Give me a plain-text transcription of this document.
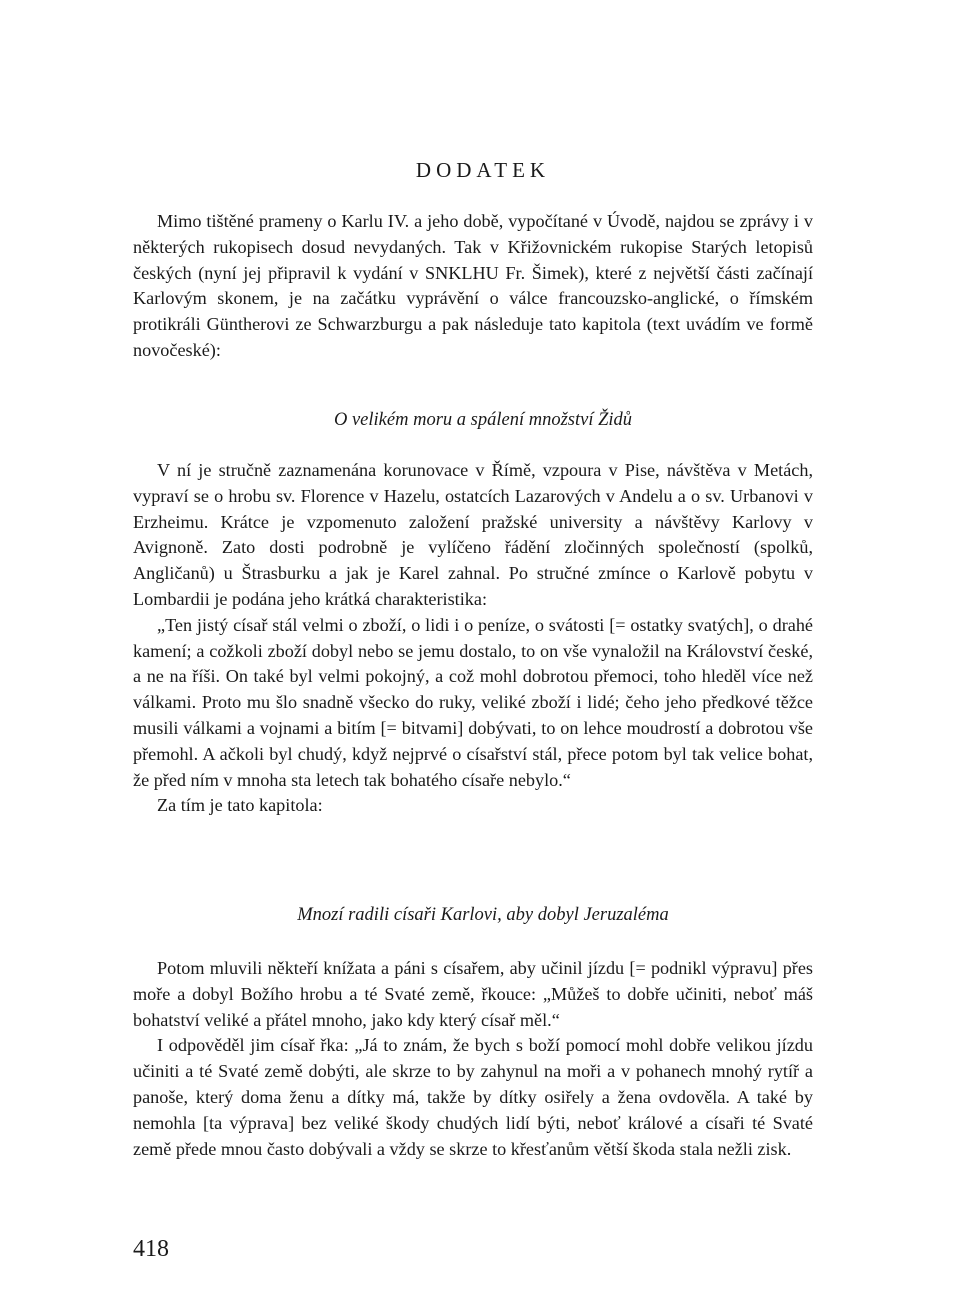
DODATEK

Mimo tištěné prameny o Karlu IV. a jeho době, vypočítané v Úvodě, najdou se zprávy i v některých rukopisech dosud nevydaných. Tak v Křižovnickém rukopise Starých letopisů českých (nyní jej připravil k vydání v SNKLHU Fr. Šimek), které z největší části začínají Karlovým skonem, je na začátku vyprávění o válce francouzsko-anglické, o římském protikráli Güntherovi ze Schwarzburgu a pak následuje tato kapitola (text uvádím ve formě novočeské):

O velikém moru a spálení množství Židů

V ní je stručně zaznamenána korunovace v Římě, vzpoura v Pise, návštěva v Metách, vypraví se o hrobu sv. Florence v Hazelu, ostatcích Lazarových v Andelu a o sv. Urbanovi v Erzheimu. Krátce je vzpomenuto založení pražské university a návštěvy Karlovy v Avignoně. Zato dosti podrobně je vylíčeno řádění zločinných společností (spolků, Angličanů) u Štrasburku a jak je Karel zahnal. Po stručné zmínce o Karlově pobytu v Lombardii je podána jeho krátká charakteristika:

„Ten jistý císař stál velmi o zboží, o lidi i o peníze, o svátosti [= ostatky svatých], o drahé kamení; a cožkoli zboží dobyl nebo se jemu dostalo, to on vše vynaložil na Království české, a ne na říši. On také byl velmi pokojný, a což mohl dobrotou přemoci, toho hleděl více než válkami. Proto mu šlo snadně všecko do ruky, veliké zboží i lidé; čeho jeho předkové těžce musili válkami a vojnami a bitím [= bitvami] dobývati, to on lehce moudrostí a dobrotou vše přemohl. A ačkoli byl chudý, když nejprvé o císařství stál, přece potom byl tak velice bohat, že před ním v mnoha sta letech tak bohatého císaře nebylo.“

Za tím je tato kapitola:

Mnozí radili císaři Karlovi, aby dobyl Jeruzaléma

Potom mluvili někteří knížata a páni s císařem, aby učinil jízdu [= podnikl výpravu] přes moře a dobyl Božího hrobu a té Svaté země, řkouce: „Můžeš to dobře učiniti, neboť máš bohatství veliké a přátel mnoho, jako kdy který císař měl.“

I odpověděl jim císař řka: „Já to znám, že bych s boží pomocí mohl dobře velikou jízdu učiniti a té Svaté země dobýti, ale skrze to by zahynul na moři a v pohanech mnohý rytíř a panoše, který doma ženu a dítky má, takže by dítky osiřely a žena ovdověla. A také by nemohla [ta výprava] bez veliké škody chudých lidí býti, neboť králové a císaři té Svaté země přede mnou často dobývali a vždy se skrze to křesťanům větší škoda stala nežli zisk.

418
